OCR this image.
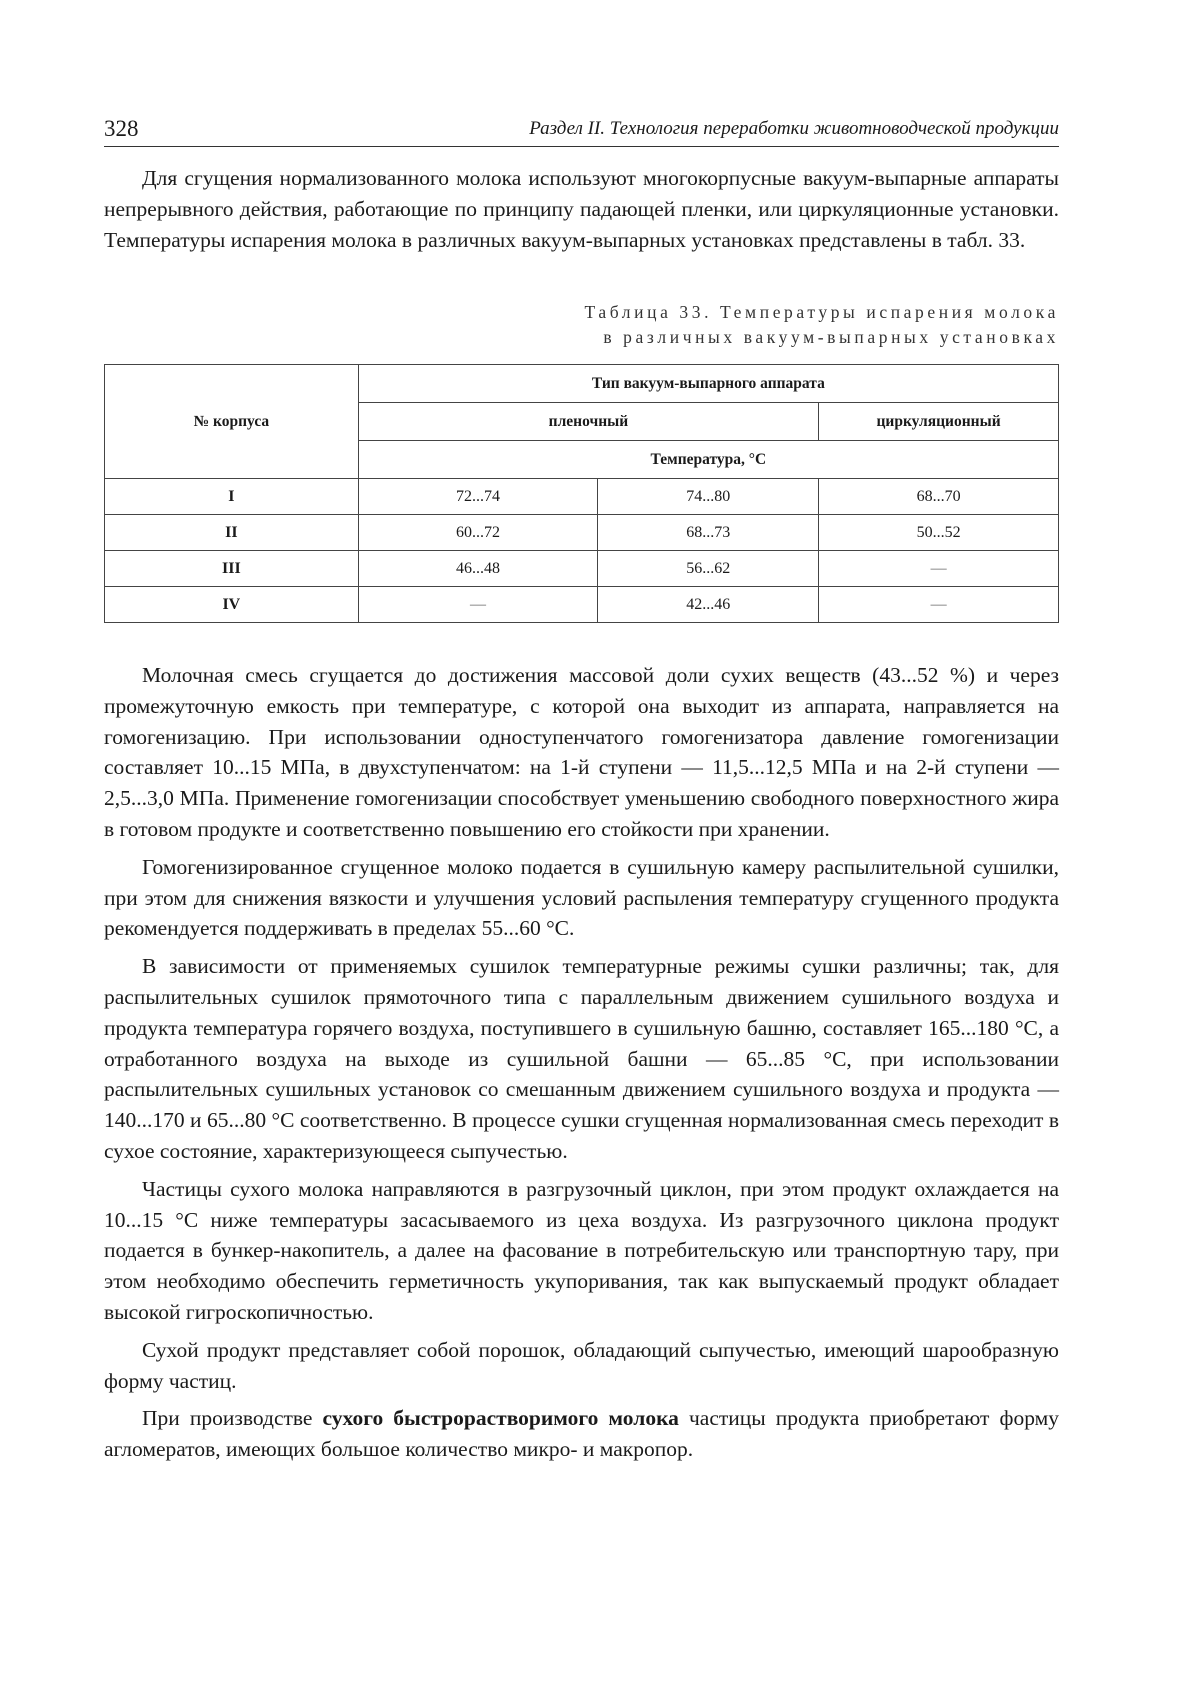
328	Раздел II. Технология переработки животноводческой продукции

Для сгущения нормализованного молока используют многокорпусные вакуум-выпарные аппараты непрерывного действия, работающие по принципу падающей пленки, или циркуляционные установки. Температуры испарения молока в различных вакуум-выпарных установках представлены в табл. 33.

Таблица 33. Температуры испарения молока
в различных вакуум-выпарных установках
№ корпуса	Тип вакуум-выпарного аппарата		
	пленочный		циркуляционный
	Температура, °С		
I	72...74	74...80	68...70
II	60...72	68...73	50...52
III	46...48	56...62	—
IV	—	42...46	—

Молочная смесь сгущается до достижения массовой доли сухих веществ (43...52 %) и через промежуточную емкость при температуре, с которой она выходит из аппарата, направляется на гомогенизацию. При использовании одноступенчатого гомогенизатора давление гомогенизации составляет 10...15 МПа, в двухступенчатом: на 1-й ступени — 11,5...12,5 МПа и на 2-й ступени — 2,5...3,0 МПа. Применение гомогенизации способствует уменьшению свободного поверхностного жира в готовом продукте и соответственно повышению его стойкости при хранении.

Гомогенизированное сгущенное молоко подается в сушильную камеру распылительной сушилки, при этом для снижения вязкости и улучшения условий распыления температуру сгущенного продукта рекомендуется поддерживать в пределах 55...60 °С.

В зависимости от применяемых сушилок температурные режимы сушки различны; так, для распылительных сушилок прямоточного типа с параллельным движением сушильного воздуха и продукта температура горячего воздуха, поступившего в сушильную башню, составляет 165...180 °С, а отработанного воздуха на выходе из сушильной башни — 65...85 °С, при использовании распылительных сушильных установок со смешанным движением сушильного воздуха и продукта — 140...170 и 65...80 °С соответственно. В процессе сушки сгущенная нормализованная смесь переходит в сухое состояние, характеризующееся сыпучестью.

Частицы сухого молока направляются в разгрузочный циклон, при этом продукт охлаждается на 10...15 °С ниже температуры засасываемого из цеха воздуха. Из разгрузочного циклона продукт подается в бункер-накопитель, а далее на фасование в потребительскую или транспортную тару, при этом необходимо обеспечить герметичность укупоривания, так как выпускаемый продукт обладает высокой гигроскопичностью.

Сухой продукт представляет собой порошок, обладающий сыпучестью, имеющий шарообразную форму частиц.

При производстве сухого быстрорастворимого молока частицы продукта приобретают форму агломератов, имеющих большое количество микро- и макропор.
